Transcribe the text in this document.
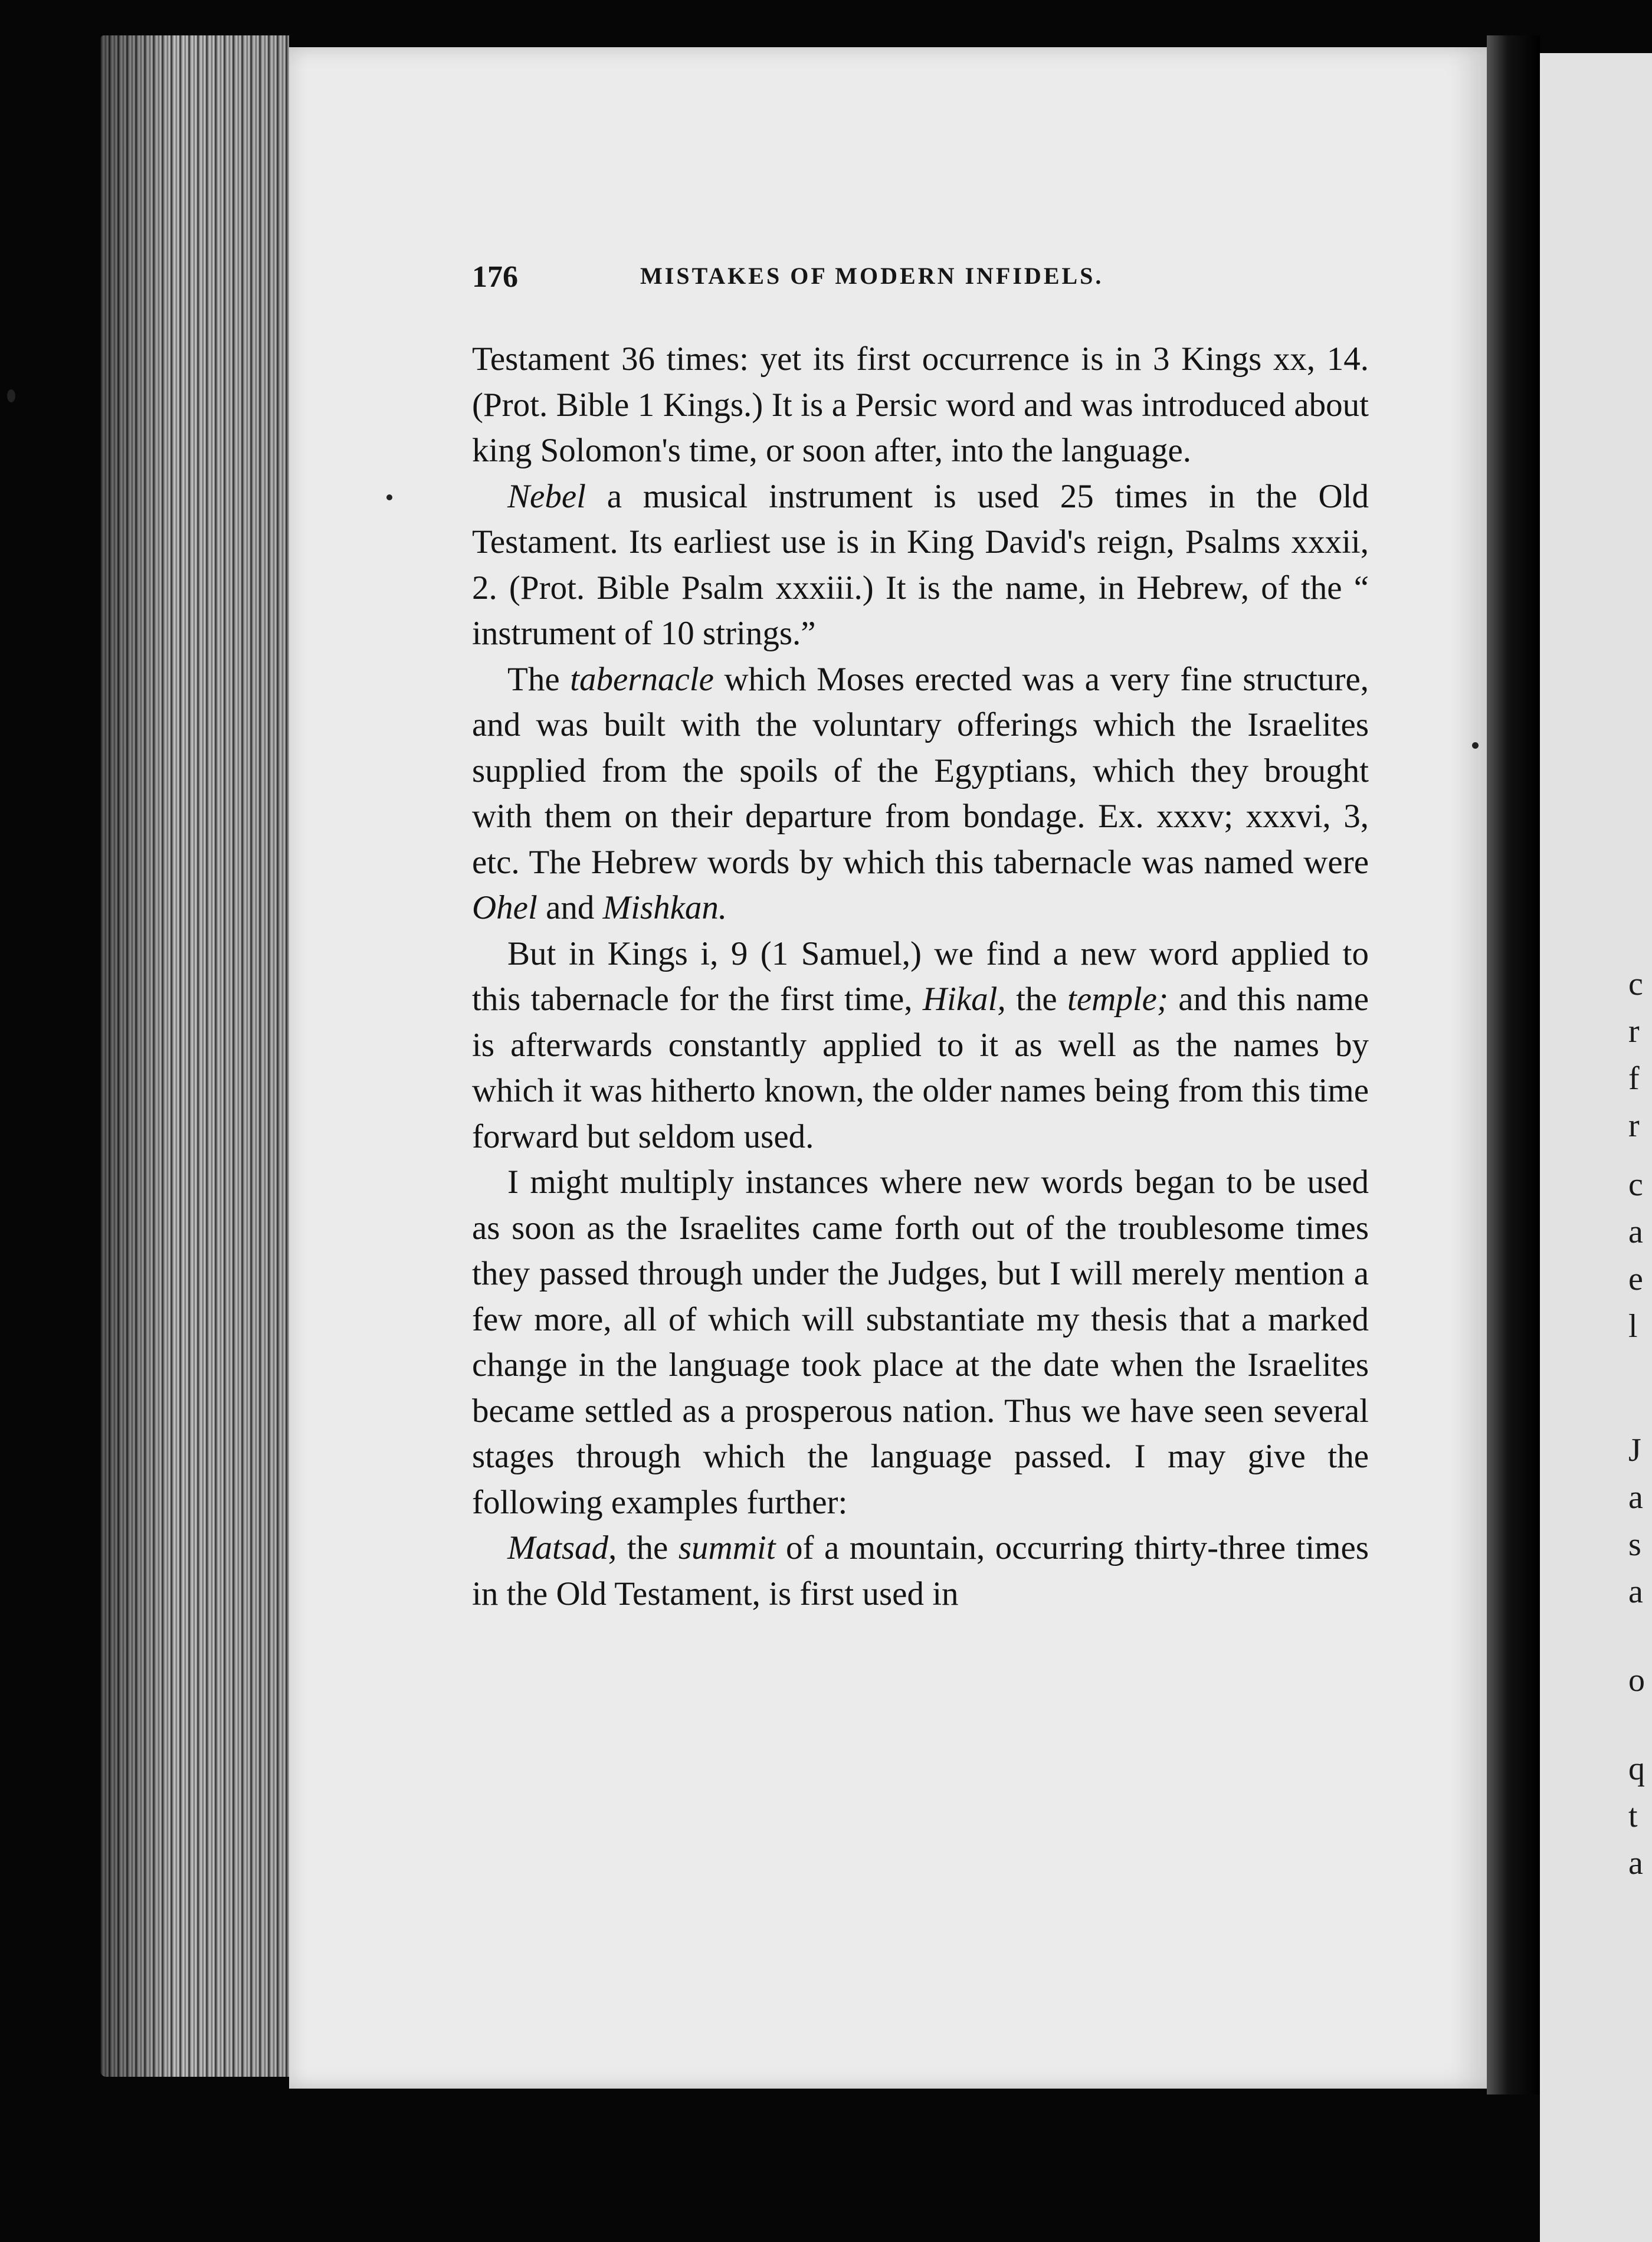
176	MISTAKES OF MODERN INFIDELS.

Testament 36 times: yet its first occurrence is in 3 Kings xx, 14. (Prot. Bible 1 Kings.) It is a Persic word and was introduced about king Solomon's time, or soon after, into the language.

Nebel a musical instrument is used 25 times in the Old Testament. Its earliest use is in King David's reign, Psalms xxxii, 2. (Prot. Bible Psalm xxxiii.) It is the name, in Hebrew, of the “ instrument of 10 strings.”

The tabernacle which Moses erected was a very fine structure, and was built with the voluntary offerings which the Israelites supplied from the spoils of the Egyptians, which they brought with them on their departure from bondage. Ex. xxxv; xxxvi, 3, etc. The Hebrew words by which this tabernacle was named were Ohel and Mishkan.

But in Kings i, 9 (1 Samuel,) we find a new word applied to this tabernacle for the first time, Hikal, the temple; and this name is afterwards constantly applied to it as well as the names by which it was hitherto known, the older names being from this time forward but seldom used.

I might multiply instances where new words began to be used as soon as the Israelites came forth out of the troublesome times they passed through under the Judges, but I will merely mention a few more, all of which will substantiate my thesis that a marked change in the language took place at the date when the Israelites became settled as a prosperous nation. Thus we have seen several stages through which the language passed. I may give the following examples further:

Matsad, the summit of a mountain, occurring thirty-three times in the Old Testament, is first used in

c
r
f
r
c
a
e
l
J
a
s
a
o
q
t
a
